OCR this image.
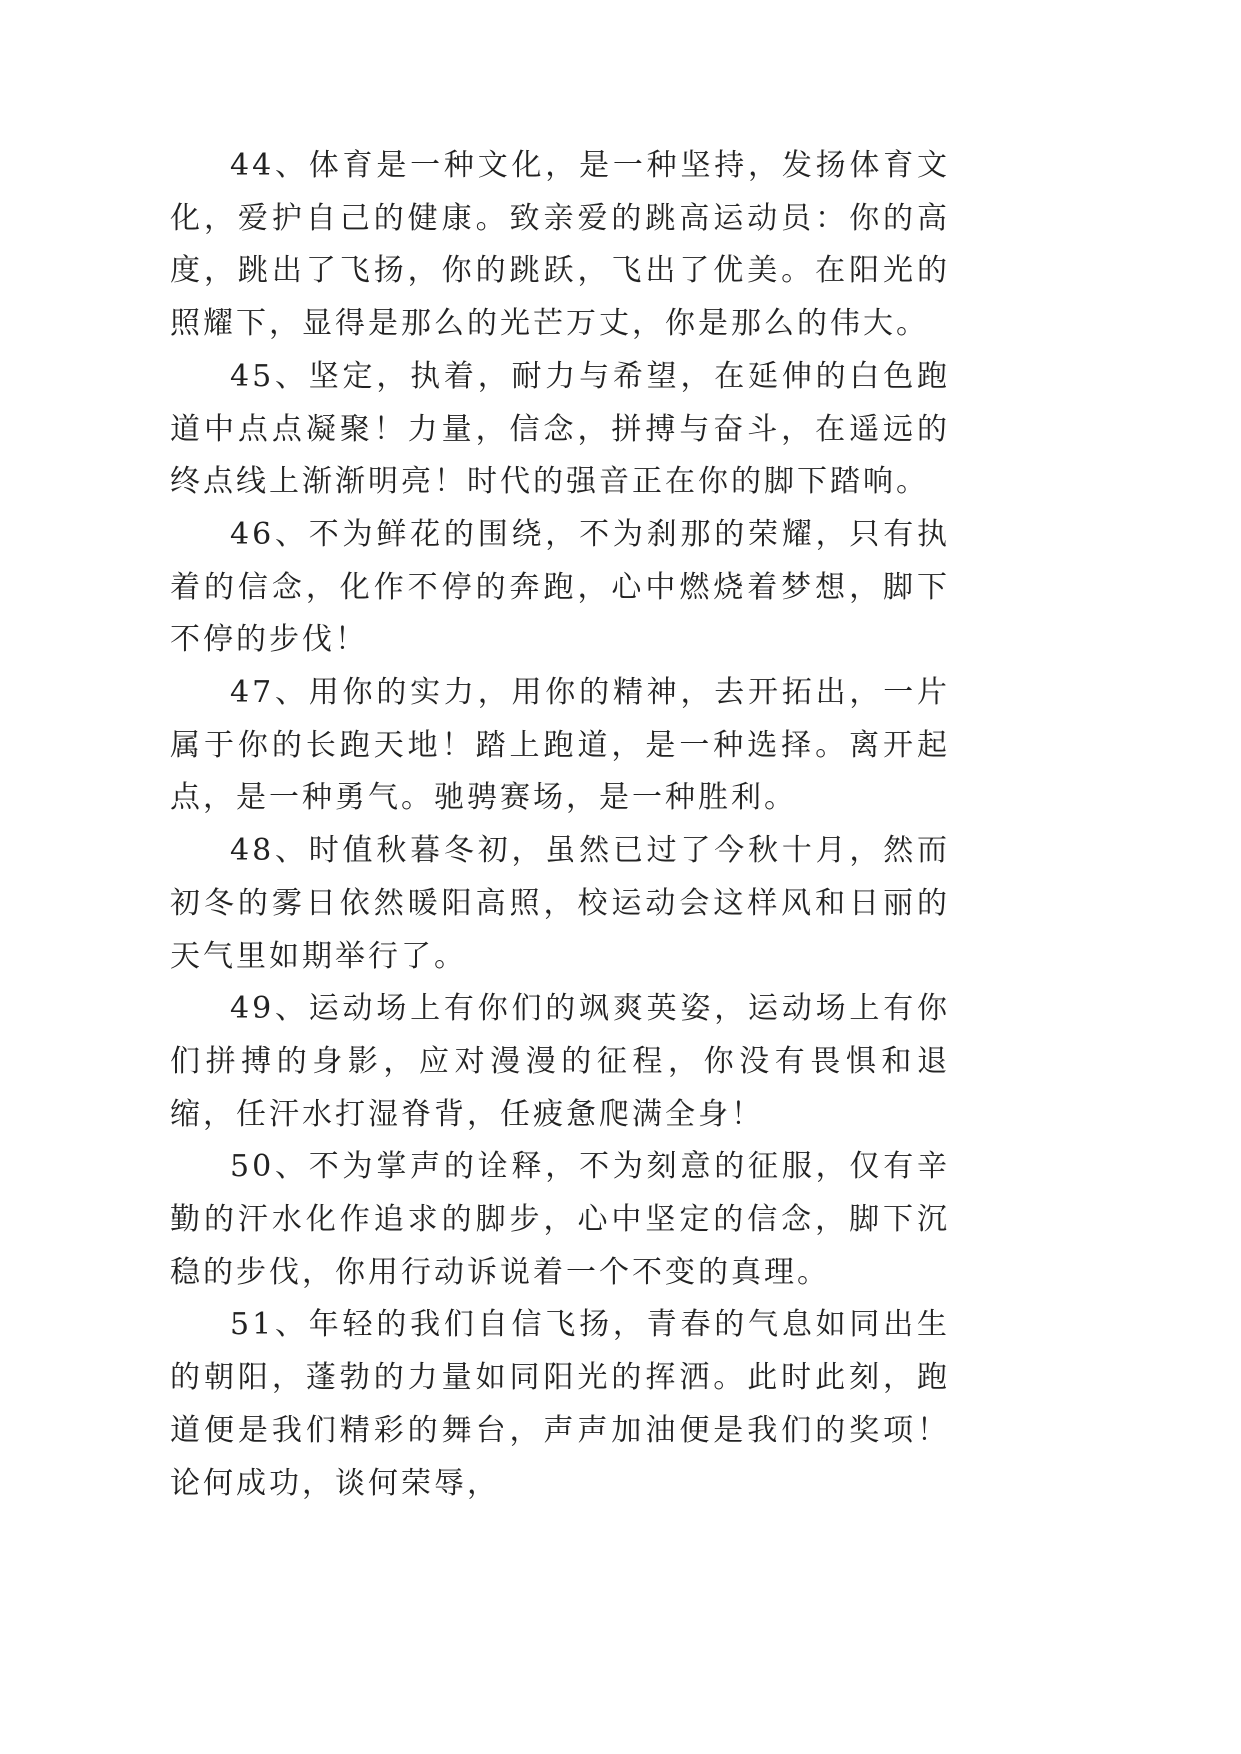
44、体育是一种文化，是一种坚持，发扬体育文化，爱护自己的健康。致亲爱的跳高运动员：你的高度，跳出了飞扬，你的跳跃，飞出了优美。在阳光的照耀下，显得是那么的光芒万丈，你是那么的伟大。

45、坚定，执着，耐力与希望，在延伸的白色跑道中点点凝聚！力量，信念，拼搏与奋斗，在遥远的终点线上渐渐明亮！时代的强音正在你的脚下踏响。

46、不为鲜花的围绕，不为刹那的荣耀，只有执着的信念，化作不停的奔跑，心中燃烧着梦想，脚下不停的步伐！

47、用你的实力，用你的精神，去开拓出，一片属于你的长跑天地！踏上跑道，是一种选择。离开起点，是一种勇气。驰骋赛场，是一种胜利。

48、时值秋暮冬初，虽然已过了今秋十月，然而初冬的雾日依然暖阳高照，校运动会这样风和日丽的天气里如期举行了。

49、运动场上有你们的飒爽英姿，运动场上有你们拼搏的身影，应对漫漫的征程，你没有畏惧和退缩，任汗水打湿脊背，任疲惫爬满全身！

50、不为掌声的诠释，不为刻意的征服，仅有辛勤的汗水化作追求的脚步，心中坚定的信念，脚下沉稳的步伐，你用行动诉说着一个不变的真理。

51、年轻的我们自信飞扬，青春的气息如同出生的朝阳，蓬勃的力量如同阳光的挥洒。此时此刻，跑道便是我们精彩的舞台，声声加油便是我们的奖项！论何成功，谈何荣辱，
